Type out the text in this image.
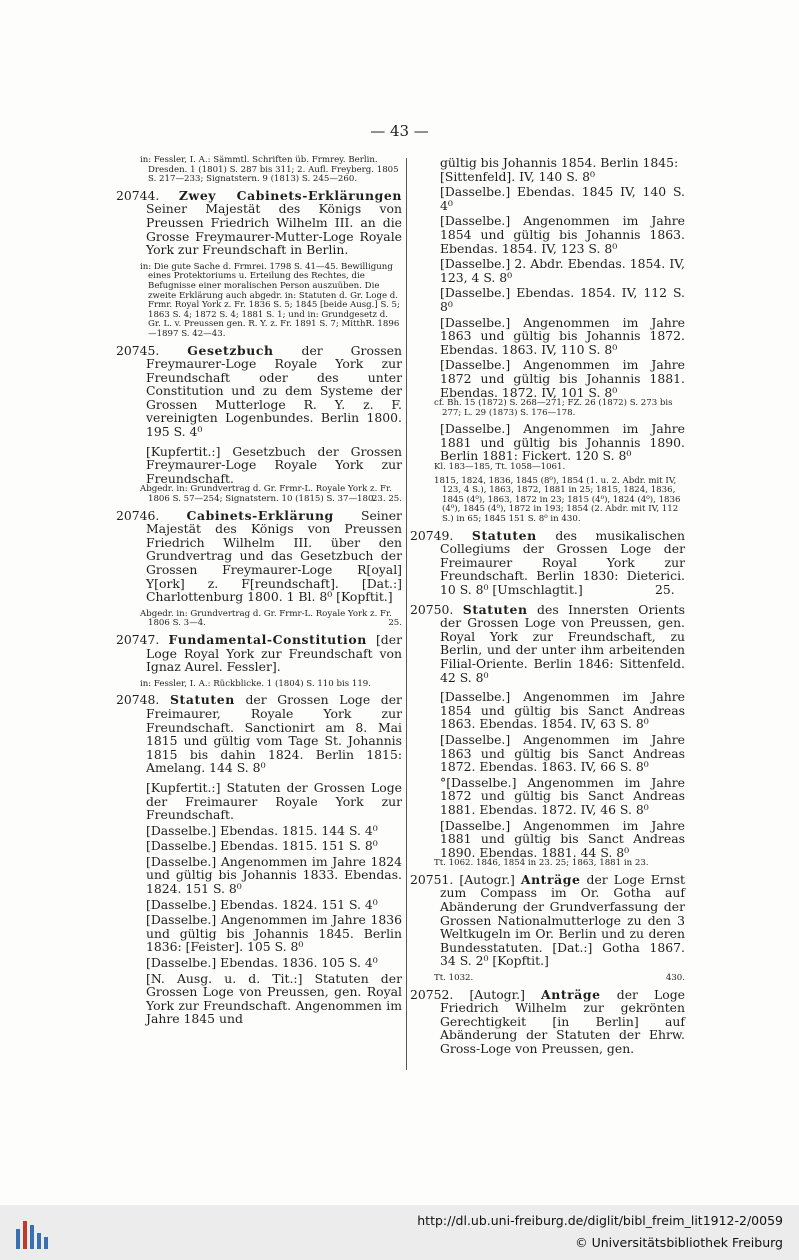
— 43 —
in: Fessler, I. A.: Sämmtl. Schriften üb. Frmrey. Berlin. Dresden. 1 (1801) S. 287 bis 311; 2. Aufl. Freyberg. 1805 S. 217—233; Signatstern. 9 (1813) S. 245—260.
20744. Zwey Cabinets-Erklärungen Seiner Majestät des Königs von Preussen Friedrich Wilhelm III. an die Grosse Freymaurer-Mutter-Loge Royale York zur Freundschaft in Berlin.
in: Die gute Sache d. Frmrei. 1798 S. 41—45. Bewilligung eines Protektoriums u. Erteilung des Rechtes, die Befugnisse einer moralischen Person auszuüben. Die zweite Erklärung auch abgedr. in: Statuten d. Gr. Loge d. Frmr. Royal York z. Fr. 1836 S. 5; 1845 [beide Ausg.] S. 5; 1863 S. 4; 1872 S. 4; 1881 S. 1; und in: Grundgesetz d. Gr. L. v. Preussen gen. R. Y. z. Fr. 1891 S. 7; MitthR. 1896—1897 S. 42—43.
20745. Gesetzbuch der Grossen Freymaurer-Loge Royale York zur Freundschaft oder des unter Constitution und zu dem Systeme der Grossen Mutterloge R. Y. z. F. vereinigten Logenbundes. Berlin 1800. 195 S. 4⁰
[Kupfertit.:] Gesetzbuch der Grossen Freymaurer-Loge Royale York zur Freundschaft.
Abgedr. in: Grundvertrag d. Gr. Frmr-L. Royale York z. Fr. 1806 S. 57—254; Signatstern. 10 (1815) S. 37—180.
23. 25.
20746. Cabinets-Erklärung Seiner Majestät des Königs von Preussen Friedrich Wilhelm III. über den Grundvertrag und das Gesetzbuch der Grossen Freymaurer-Loge R[oyal] Y[ork] z. F[reundschaft]. [Dat.:] Charlottenburg 1800. 1 Bl. 8⁰ [Kopftit.]
Abgedr. in: Grundvertrag d. Gr. Frmr-L. Royale York z. Fr. 1806 S. 3—4.	25.
20747. Fundamental-Constitution [der Loge Royal York zur Freundschaft von Ignaz Aurel. Fessler].
in: Fessler, I. A.: Rückblicke. 1 (1804) S. 110 bis 119.
20748. Statuten der Grossen Loge der Freimaurer, Royale York zur Freundschaft. Sanctionirt am 8. Mai 1815 und gültig vom Tage St. Johannis 1815 bis dahin 1824. Berlin 1815: Amelang. 144 S. 8⁰
[Kupfertit.:] Statuten der Grossen Loge der Freimaurer Royale York zur Freundschaft.
[Dasselbe.] Ebendas. 1815. 144 S. 4⁰
[Dasselbe.] Ebendas. 1815. 151 S. 8⁰
[Dasselbe.] Angenommen im Jahre 1824 und gültig bis Johannis 1833. Ebendas. 1824. 151 S. 8⁰
[Dasselbe.] Ebendas. 1824. 151 S. 4⁰
[Dasselbe.] Angenommen im Jahre 1836 und gültig bis Johannis 1845. Berlin 1836: [Feister]. 105 S. 8⁰
[Dasselbe.] Ebendas. 1836. 105 S. 4⁰
[N. Ausg. u. d. Tit.:] Statuten der Grossen Loge von Preussen, gen. Royal York zur Freundschaft. Angenommen im Jahre 1845 und
gültig bis Johannis 1854. Berlin 1845: [Sittenfeld]. IV, 140 S. 8⁰
[Dasselbe.] Ebendas. 1845 IV, 140 S. 4⁰
[Dasselbe.] Angenommen im Jahre 1854 und gültig bis Johannis 1863. Ebendas. 1854. IV, 123 S. 8⁰
[Dasselbe.] 2. Abdr. Ebendas. 1854. IV, 123, 4 S. 8⁰
[Dasselbe.] Ebendas. 1854. IV, 112 S. 8⁰
[Dasselbe.] Angenommen im Jahre 1863 und gültig bis Johannis 1872. Ebendas. 1863. IV, 110 S. 8⁰
[Dasselbe.] Angenommen im Jahre 1872 und gültig bis Johannis 1881. Ebendas. 1872. IV, 101 S. 8⁰
cf. Bh. 15 (1872) S. 268—271; FZ. 26 (1872) S. 273 bis 277; L. 29 (1873) S. 176—178.
[Dasselbe.] Angenommen im Jahre 1881 und gültig bis Johannis 1890. Berlin 1881: Fickert. 120 S. 8⁰
Kl. 183—185, Tt. 1058—1061.
1815, 1824, 1836, 1845 (8⁰), 1854 (1. u. 2. Abdr. mit IV, 123, 4 S.), 1863, 1872, 1881 in 25; 1815, 1824, 1836, 1845 (4⁰), 1863, 1872 in 23; 1815 (4⁰), 1824 (4⁰), 1836 (4⁰), 1845 (4⁰), 1872 in 193; 1854 (2. Abdr. mit IV, 112 S.) in 65; 1845 151 S. 8⁰ in 430.
20749. Statuten des musikalischen Collegiums der Grossen Loge der Freimaurer Royal York zur Freundschaft. Berlin 1830: Dieterici. 10 S. 8⁰ [Umschlagtit.]	25.
20750. Statuten des Innersten Orients der Grossen Loge von Preussen, gen. Royal York zur Freundschaft, zu Berlin, und der unter ihm arbeitenden Filial-Oriente. Berlin 1846: Sittenfeld. 42 S. 8⁰
[Dasselbe.] Angenommen im Jahre 1854 und gültig bis Sanct Andreas 1863. Ebendas. 1854. IV, 63 S. 8⁰
[Dasselbe.] Angenommen im Jahre 1863 und gültig bis Sanct Andreas 1872. Ebendas. 1863. IV, 66 S. 8⁰
°[Dasselbe.] Angenommen im Jahre 1872 und gültig bis Sanct Andreas 1881. Ebendas. 1872. IV, 46 S. 8⁰
[Dasselbe.] Angenommen im Jahre 1881 und gültig bis Sanct Andreas 1890. Ebendas. 1881. 44 S. 8⁰
Tt. 1062. 1846, 1854 in 23. 25; 1863, 1881 in 23.
20751. [Autogr.] Anträge der Loge Ernst zum Compass im Or. Gotha auf Abänderung der Grundverfassung der Grossen Nationalmutterloge zu den 3 Weltkugeln im Or. Berlin und zu deren Bundesstatuten. [Dat.:] Gotha 1867. 34 S. 2⁰ [Kopftit.]
Tt. 1032.	430.
20752. [Autogr.] Anträge der Loge Friedrich Wilhelm zur gekrönten Gerechtigkeit [in Berlin] auf Abänderung der Statuten der Ehrw. Gross-Loge von Preussen, gen.
http://dl.ub.uni-freiburg.de/diglit/bibl_freim_lit1912-2/0059
© Universitätsbibliothek Freiburg
